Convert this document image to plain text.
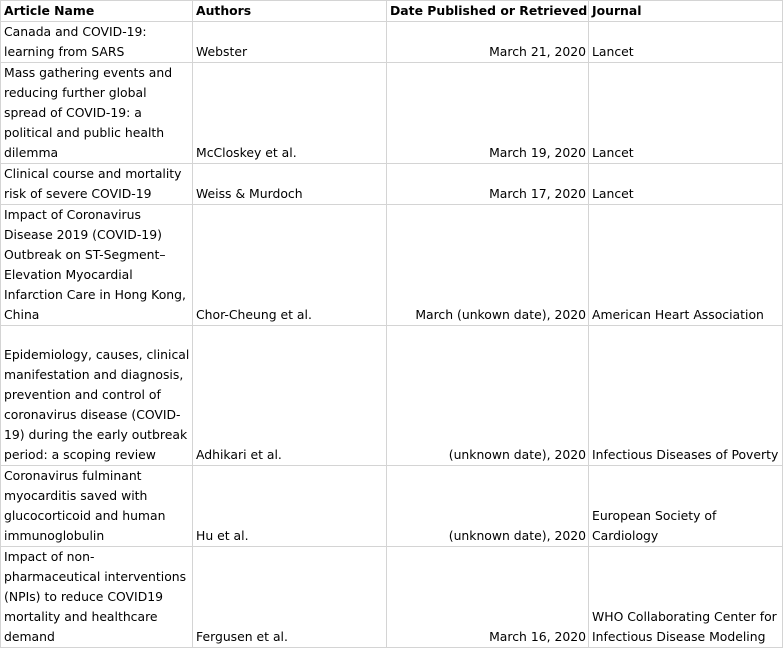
Article Name	Authors	Date Published or Retrieved	Journal
Canada and COVID-19: learning from SARS	Webster	March 21, 2020	Lancet
Mass gathering events and reducing further global spread of COVID-19: a political and public health dilemma	McCloskey et al.	March 19, 2020	Lancet
Clinical course and mortality risk of severe COVID-19	Weiss & Murdoch	March 17, 2020	Lancet
Impact of Coronavirus Disease 2019 (COVID-19) Outbreak on ST-Segment–Elevation Myocardial Infarction Care in Hong Kong, China	Chor-Cheung et al.	March (unkown date), 2020	American Heart Association
Epidemiology, causes, clinical manifestation and diagnosis, prevention and control of coronavirus disease (COVID-19) during the early outbreak period: a scoping review	Adhikari et al.	(unknown date), 2020	Infectious Diseases of Poverty
Coronavirus fulminant myocarditis saved with glucocorticoid and human immunoglobulin	Hu et al.	(unknown date), 2020	European Society of Cardiology
Impact of non-pharmaceutical interventions (NPIs) to reduce COVID19 mortality and healthcare demand	Fergusen et al.	March 16, 2020	WHO Collaborating Center for Infectious Disease Modeling
